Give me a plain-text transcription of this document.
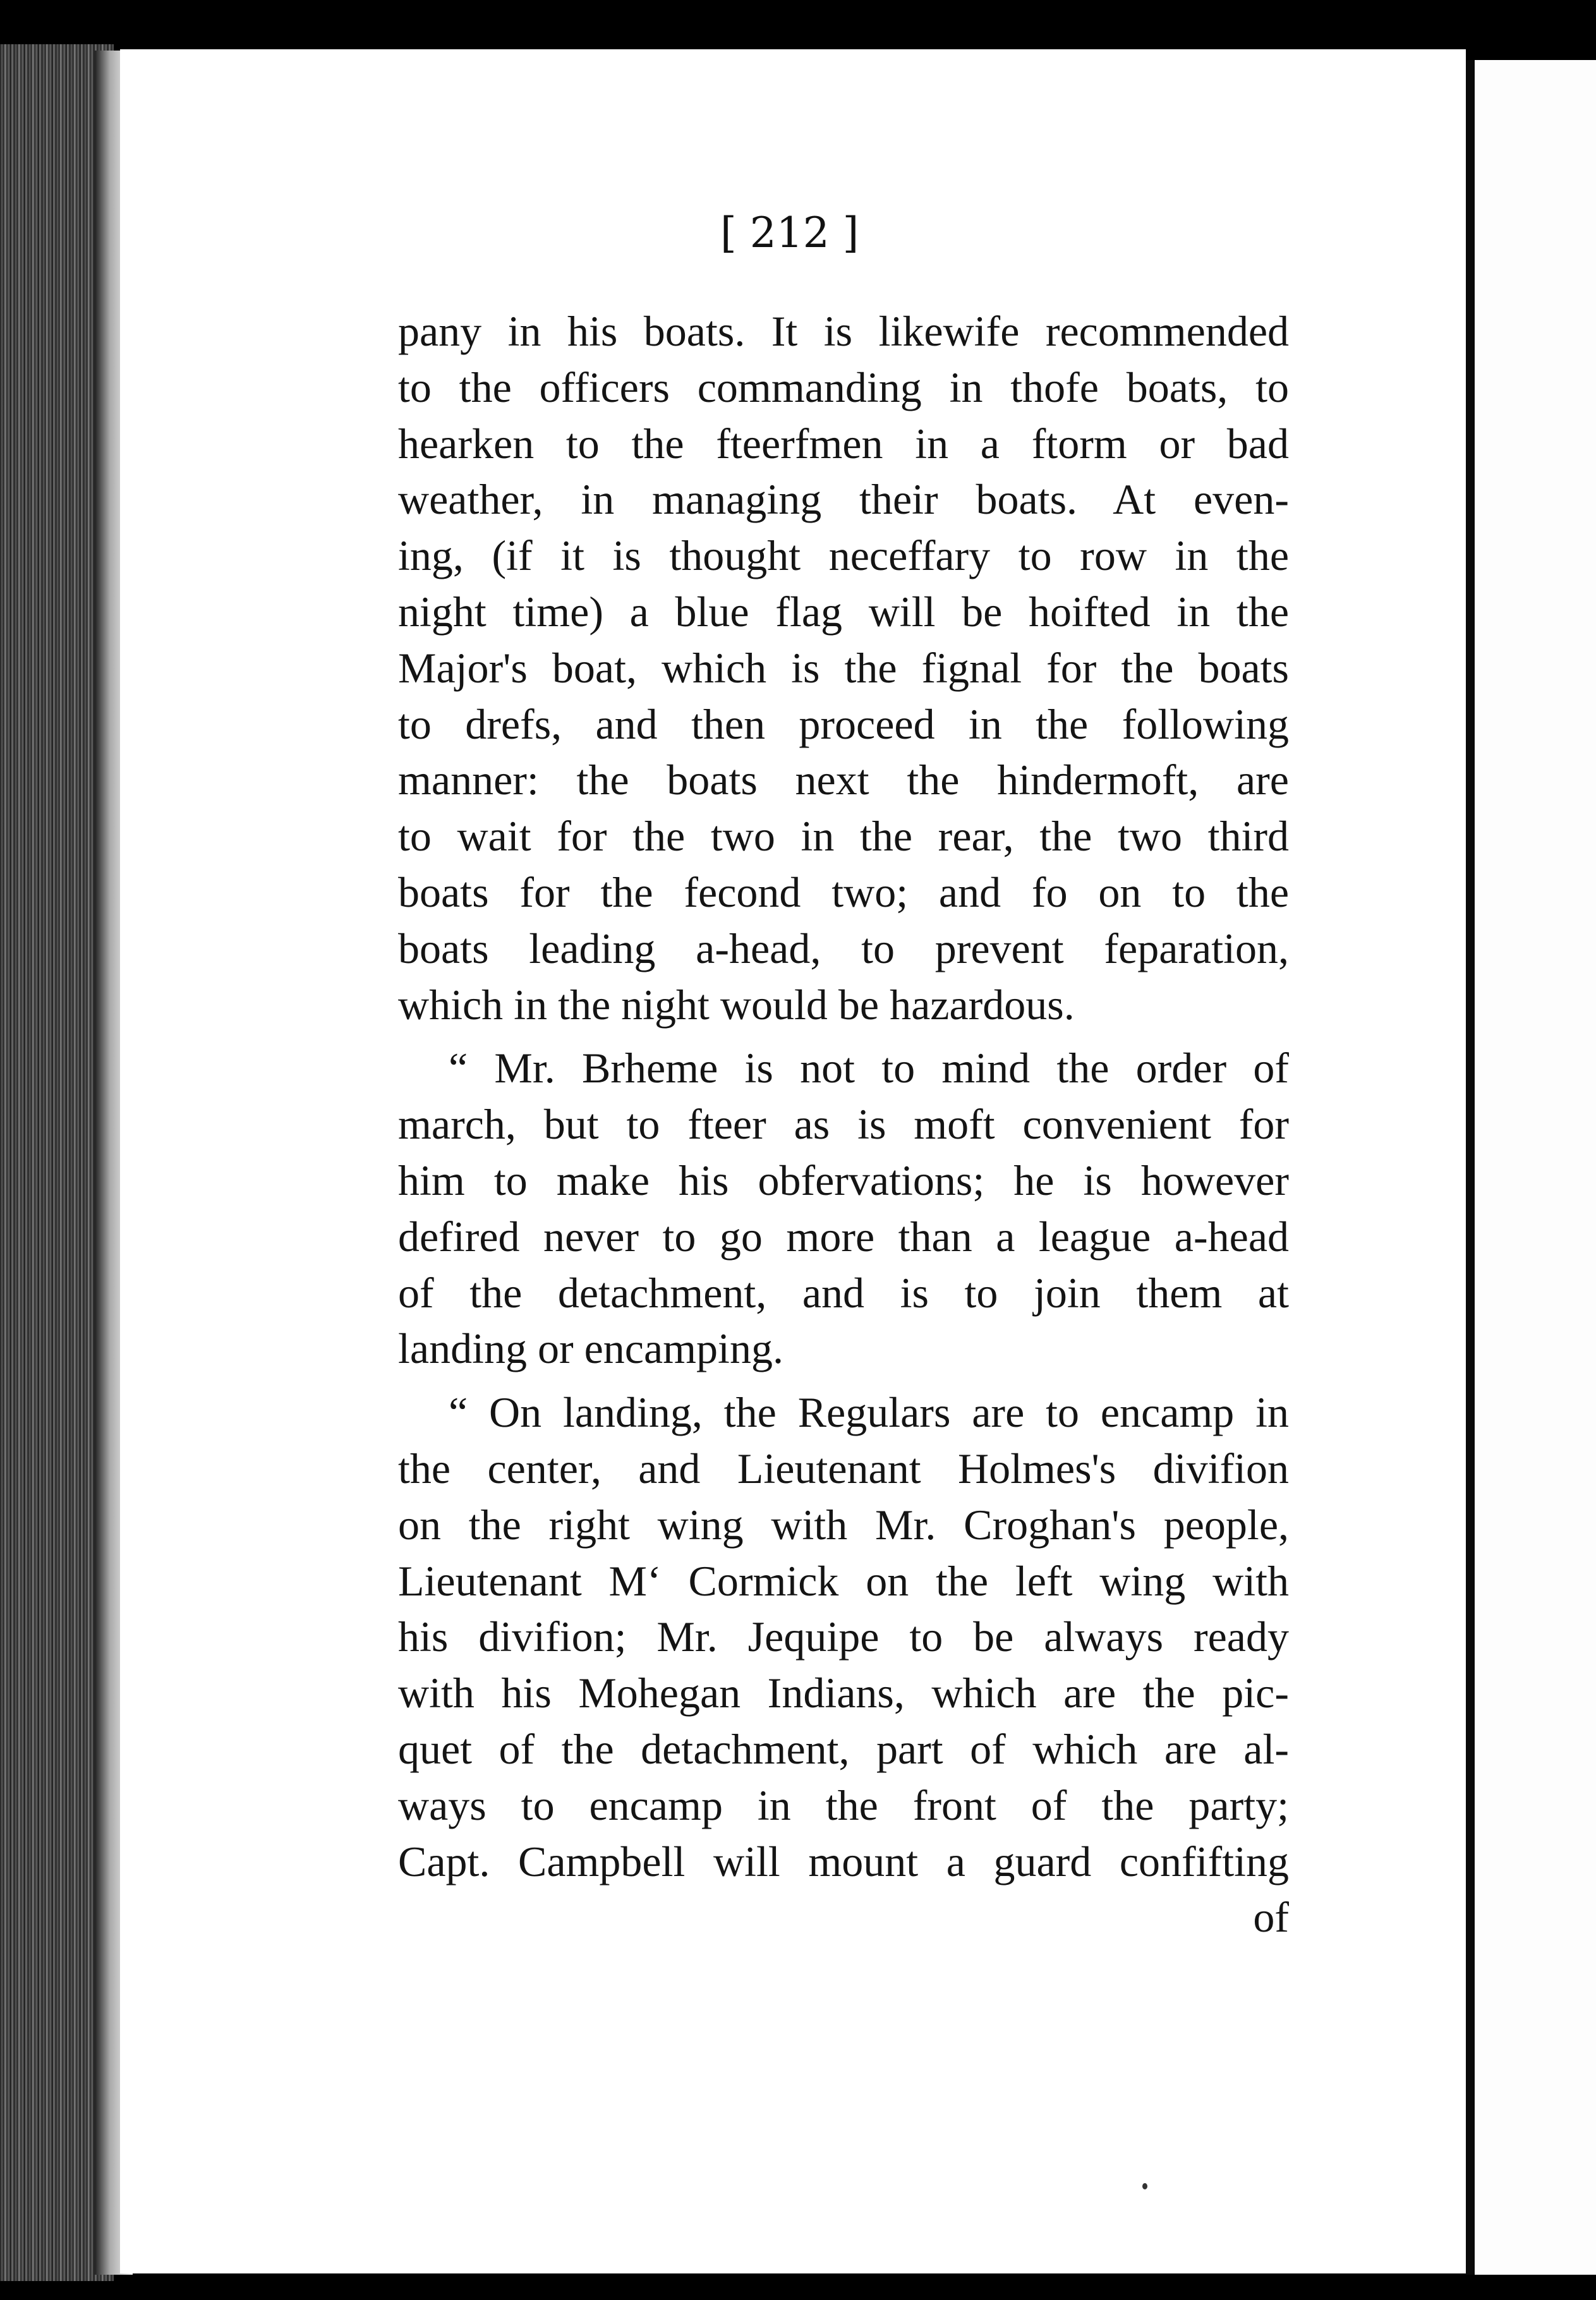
[ 212 ]
pany in his boats. It is likewife recommended
to the officers commanding in thofe boats, to
hearken to the fteerfmen in a ftorm or bad
weather, in managing their boats. At even-
ing, (if it is thought neceffary to row in the
night time) a blue flag will be hoifted in the
Major's boat, which is the fignal for the boats
to drefs, and then proceed in the following
manner: the boats next the hindermoft, are
to wait for the two in the rear, the two third
boats for the fecond two; and fo on to the
boats leading a-head, to prevent feparation,
which in the night would be hazardous.
“ Mr. Brheme is not to mind the order of
march, but to fteer as is moft convenient for
him to make his obfervations; he is however
defired never to go more than a league a-head
of the detachment, and is to join them at
landing or encamping.
“ On landing, the Regulars are to encamp in
the center, and Lieutenant Holmes's divifion
on the right wing with Mr. Croghan's people,
Lieutenant M‘ Cormick on the left wing with
his divifion; Mr. Jequipe to be always ready
with his Mohegan Indians, which are the pic-
quet of the detachment, part of which are al-
ways to encamp in the front of the party;
Capt. Campbell will mount a guard confifting
of
